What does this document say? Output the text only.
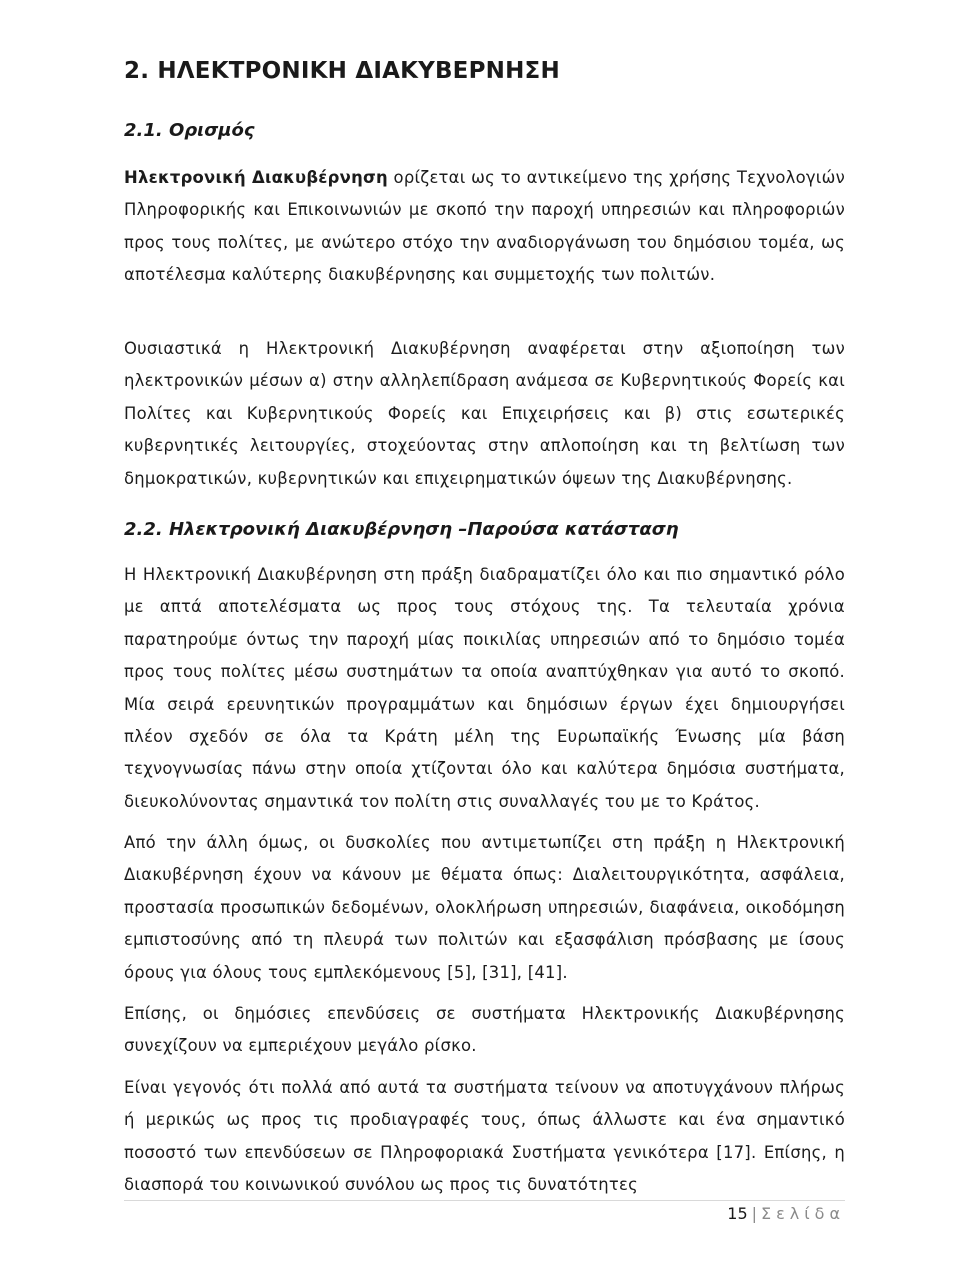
2. ΗΛΕΚΤΡΟΝΙΚΗ ΔΙΑΚΥΒΕΡΝΗΣΗ
2.1. Ορισμός

Ηλεκτρονική Διακυβέρνηση ορίζεται ως το αντικείμενο της χρήσης Τεχνολογιών Πληροφορικής και Επικοινωνιών με σκοπό την παροχή υπηρεσιών και πληροφοριών προς τους πολίτες, με ανώτερο στόχο την αναδιοργάνωση του δημόσιου τομέα, ως αποτέλεσμα καλύτερης διακυβέρνησης και συμμετοχής των πολιτών.

Ουσιαστικά η Ηλεκτρονική Διακυβέρνηση αναφέρεται στην αξιοποίηση των ηλεκτρονικών μέσων α) στην αλληλεπίδραση ανάμεσα σε Κυβερνητικούς Φορείς και Πολίτες και Κυβερνητικούς Φορείς και Επιχειρήσεις και β) στις εσωτερικές κυβερνητικές λειτουργίες, στοχεύοντας στην απλοποίηση και τη βελτίωση των δημοκρατικών, κυβερνητικών και επιχειρηματικών όψεων της Διακυβέρνησης.

2.2. Ηλεκτρονική Διακυβέρνηση –Παρούσα κατάσταση

Η Ηλεκτρονική Διακυβέρνηση στη πράξη διαδραματίζει όλο και πιο σημαντικό ρόλο με απτά αποτελέσματα ως προς τους στόχους της. Τα τελευταία χρόνια παρατηρούμε όντως την παροχή μίας ποικιλίας υπηρεσιών από το δημόσιο τομέα προς τους πολίτες μέσω συστημάτων τα οποία αναπτύχθηκαν για αυτό το σκοπό. Μία σειρά ερευνητικών προγραμμάτων και δημόσιων έργων έχει δημιουργήσει πλέον σχεδόν σε όλα τα Κράτη μέλη της Ευρωπαϊκής Ένωσης μία βάση τεχνογνωσίας πάνω στην οποία χτίζονται όλο και καλύτερα δημόσια συστήματα, διευκολύνοντας σημαντικά τον πολίτη στις συναλλαγές του με το Κράτος.

Από την άλλη όμως, οι δυσκολίες που αντιμετωπίζει στη πράξη η Ηλεκτρονική Διακυβέρνηση έχουν να κάνουν με θέματα όπως: Διαλειτουργικότητα, ασφάλεια, προστασία προσωπικών δεδομένων, ολοκλήρωση υπηρεσιών, διαφάνεια, οικοδόμηση εμπιστοσύνης από τη πλευρά των πολιτών και εξασφάλιση πρόσβασης με ίσους όρους για όλους τους εμπλεκόμενους [5], [31], [41].

Επίσης, οι δημόσιες επενδύσεις σε συστήματα Ηλεκτρονικής Διακυβέρνησης συνεχίζουν να εμπεριέχουν μεγάλο ρίσκο.

Είναι γεγονός ότι πολλά από αυτά τα συστήματα τείνουν να αποτυγχάνουν πλήρως ή μερικώς ως προς τις προδιαγραφές τους, όπως άλλωστε και ένα σημαντικό ποσοστό των επενδύσεων σε Πληροφοριακά Συστήματα γενικότερα [17]. Επίσης, η διασπορά του κοινωνικού συνόλου ως προς τις δυνατότητες

15 | Σελίδα
